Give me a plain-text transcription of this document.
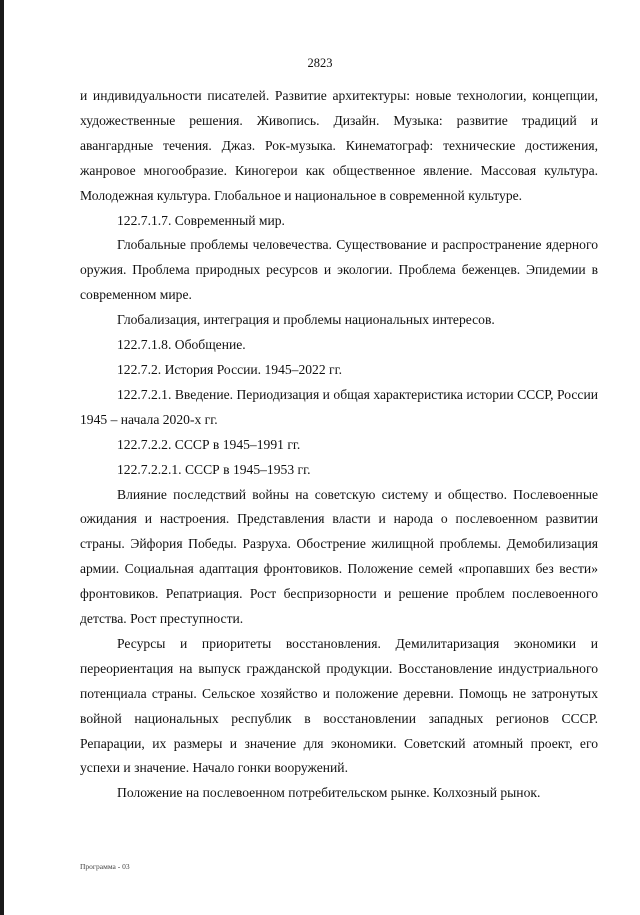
2823

и индивидуальности писателей. Развитие архитектуры: новые технологии, концепции, художественные решения. Живопись. Дизайн. Музыка: развитие традиций и авангардные течения. Джаз. Рок-музыка. Кинематограф: технические достижения, жанровое многообразие. Киногерои как общественное явление. Массовая культура. Молодежная культура. Глобальное и национальное в современной культуре.

122.7.1.7. Современный мир.

Глобальные проблемы человечества. Существование и распространение ядерного оружия. Проблема природных ресурсов и экологии. Проблема беженцев. Эпидемии в современном мире.

Глобализация, интеграция и проблемы национальных интересов.

122.7.1.8. Обобщение.

122.7.2. История России. 1945–2022 гг.

122.7.2.1. Введение. Периодизация и общая характеристика истории СССР, России 1945 – начала 2020-х гг.

122.7.2.2. СССР в 1945–1991 гг.

122.7.2.2.1. СССР в 1945–1953 гг.

Влияние последствий войны на советскую систему и общество. Послевоенные ожидания и настроения. Представления власти и народа о послевоенном развитии страны. Эйфория Победы. Разруха. Обострение жилищной проблемы. Демобилизация армии. Социальная адаптация фронтовиков. Положение семей «пропавших без вести» фронтовиков. Репатриация. Рост беспризорности и решение проблем послевоенного детства. Рост преступности.

Ресурсы и приоритеты восстановления. Демилитаризация экономики и переориентация на выпуск гражданской продукции. Восстановление индустриального потенциала страны. Сельское хозяйство и положение деревни. Помощь не затронутых войной национальных республик в восстановлении западных регионов СССР. Репарации, их размеры и значение для экономики. Советский атомный проект, его успехи и значение. Начало гонки вооружений.

Положение на послевоенном потребительском рынке. Колхозный рынок.

Программа - 03
